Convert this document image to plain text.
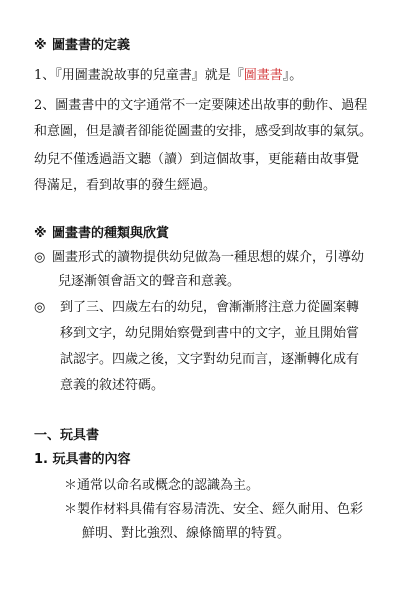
※ 圖畫書的定義
1、『用圖畫說故事的兒童書』就是『圖畫書』。
2、圖畫書中的文字通常不一定要陳述出故事的動作、過程
和意圖，但是讀者卻能從圖畫的安排，感受到故事的氣氛。
幼兒不僅透過語文聽（讀）到這個故事，更能藉由故事覺
得滿足，看到故事的發生經過。
※ 圖畫書的種類與欣賞
◎ 圖畫形式的讀物提供幼兒做為一種思想的媒介，引導幼
兒逐漸領會語文的聲音和意義。
◎ 到了三、四歲左右的幼兒，會漸漸將注意力從圖案轉
移到文字，幼兒開始察覺到書中的文字，並且開始嘗
試認字。四歲之後，文字對幼兒而言，逐漸轉化成有
意義的敘述符碼。
一、玩具書
1. 玩具書的內容
＊通常以命名或概念的認識為主。
＊製作材料具備有容易清洗、安全、經久耐用、色彩
鮮明、對比強烈、線條簡單的特質。
